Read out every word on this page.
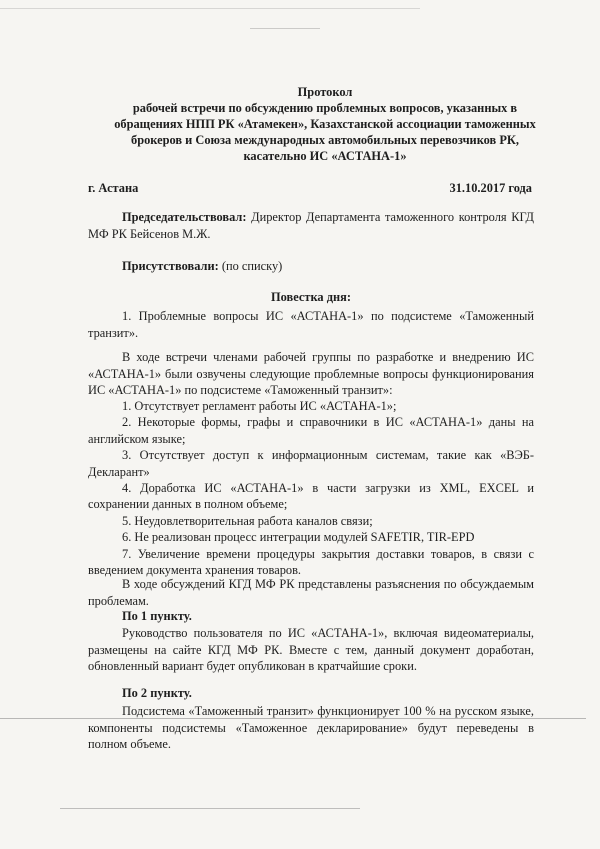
Протокол
рабочей встречи по обсуждению проблемных вопросов, указанных в
обращениях НПП РК «Атамекен», Казахстанской ассоциации таможенных
брокеров и Союза международных автомобильных перевозчиков РК,
касательно ИС «АСТАНА-1»
г. Астана	31.10.2017 года
Председательствовал: Директор Департамента таможенного контроля КГД МФ РК Бейсенов М.Ж.
Присутствовали: (по списку)
Повестка дня:
1. Проблемные вопросы ИС «АСТАНА-1» по подсистеме «Таможенный транзит».
В ходе встречи членами рабочей группы по разработке и внедрению ИС «АСТАНА-1» были озвучены следующие проблемные вопросы функционирования ИС «АСТАНА-1» по подсистеме «Таможенный транзит»:
1. Отсутствует регламент работы ИС «АСТАНА-1»;
2. Некоторые формы, графы и справочники в ИС «АСТАНА-1» даны на английском языке;
3. Отсутствует доступ к информационным системам, такие как «ВЭБ-Декларант»
4. Доработка ИС «АСТАНА-1» в части загрузки из XML, EXCEL и сохранении данных в полном объеме;
5. Неудовлетворительная работа каналов связи;
6. Не реализован процесс интеграции модулей SAFETIR, TIR-EPD
7. Увеличение времени процедуры закрытия доставки товаров, в связи с введением документа хранения товаров.
В ходе обсуждений КГД МФ РК представлены разъяснения по обсуждаемым проблемам.
По 1 пункту.
Руководство пользователя по ИС «АСТАНА-1», включая видеоматериалы, размещены на сайте КГД МФ РК. Вместе с тем, данный документ доработан, обновленный вариант будет опубликован в кратчайшие сроки.
По 2 пункту.
Подсистема «Таможенный транзит» функционирует 100 % на русском языке, компоненты подсистемы «Таможенное декларирование» будут переведены в полном объеме.
